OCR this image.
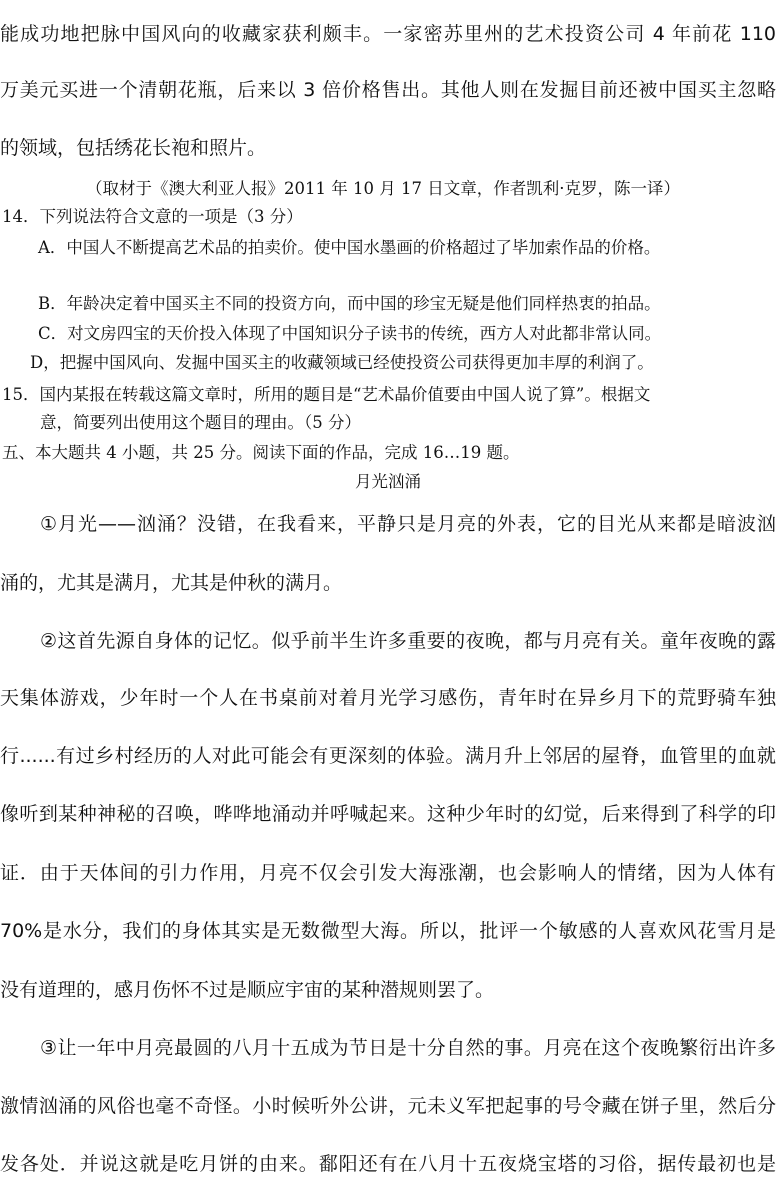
能成功地把脉中国风向的收藏家获利颇丰。一家密苏里州的艺术投资公司 4 年前花 110

万美元买进一个清朝花瓶，后来以 3 倍价格售出。其他人则在发掘目前还被中国买主忽略

的领域，包括绣花长袍和照片。

（取材于《澳大利亚人报》2011 年 10 月 17 日文章，作者凯利·克罗，陈一译）

14．下列说法符合文意的一项是（3 分）

A．中国人不断提高艺术品的拍卖价。使中国水墨画的价格超过了毕加索作品的价格。

B．年龄决定着中国买主不同的投资方向，而中国的珍宝无疑是他们同样热衷的拍品。

C．对文房四宝的天价投入体现了中国知识分子读书的传统，西方人对此都非常认同。

D，把握中国风向、发掘中国买主的收藏领域已经使投资公司获得更加丰厚的利润了。

15．国内某报在转载这篇文章时，所用的题目是“艺术晶价值要由中国人说了算”。根据文

意，简要列出使用这个题目的理由。（5 分）

五、本大题共 4 小题，共 25 分。阅读下面的作品，完成 16…19 题。

月光汹涌

①月光——汹涌？没错，在我看来，平静只是月亮的外表，它的目光从来都是暗波汹

涌的，尤其是满月，尤其是仲秋的满月。

②这首先源自身体的记忆。似乎前半生许多重要的夜晚，都与月亮有关。童年夜晚的露

天集体游戏，少年时一个人在书桌前对着月光学习感伤，青年时在异乡月下的荒野骑车独

行......有过乡村经历的人对此可能会有更深刻的体验。满月升上邻居的屋脊，血管里的血就

像听到某种神秘的召唤，哗哗地涌动并呼喊起来。这种少年时的幻觉，后来得到了科学的印

证．由于天体间的引力作用，月亮不仅会引发大海涨潮，也会影响人的情绪，因为人体有

70%是水分，我们的身体其实是无数微型大海。所以，批评一个敏感的人喜欢风花雪月是

没有道理的，感月伤怀不过是顺应宇宙的某种潜规则罢了。

③让一年中月亮最圆的八月十五成为节日是十分自然的事。月亮在这个夜晚繁衍出许多

激情汹涌的风俗也毫不奇怪。小时候听外公讲，元未义军把起事的号令藏在饼子里，然后分

发各处．并说这就是吃月饼的由来。鄱阳还有在八月十五夜烧宝塔的习俗，据传最初也是
